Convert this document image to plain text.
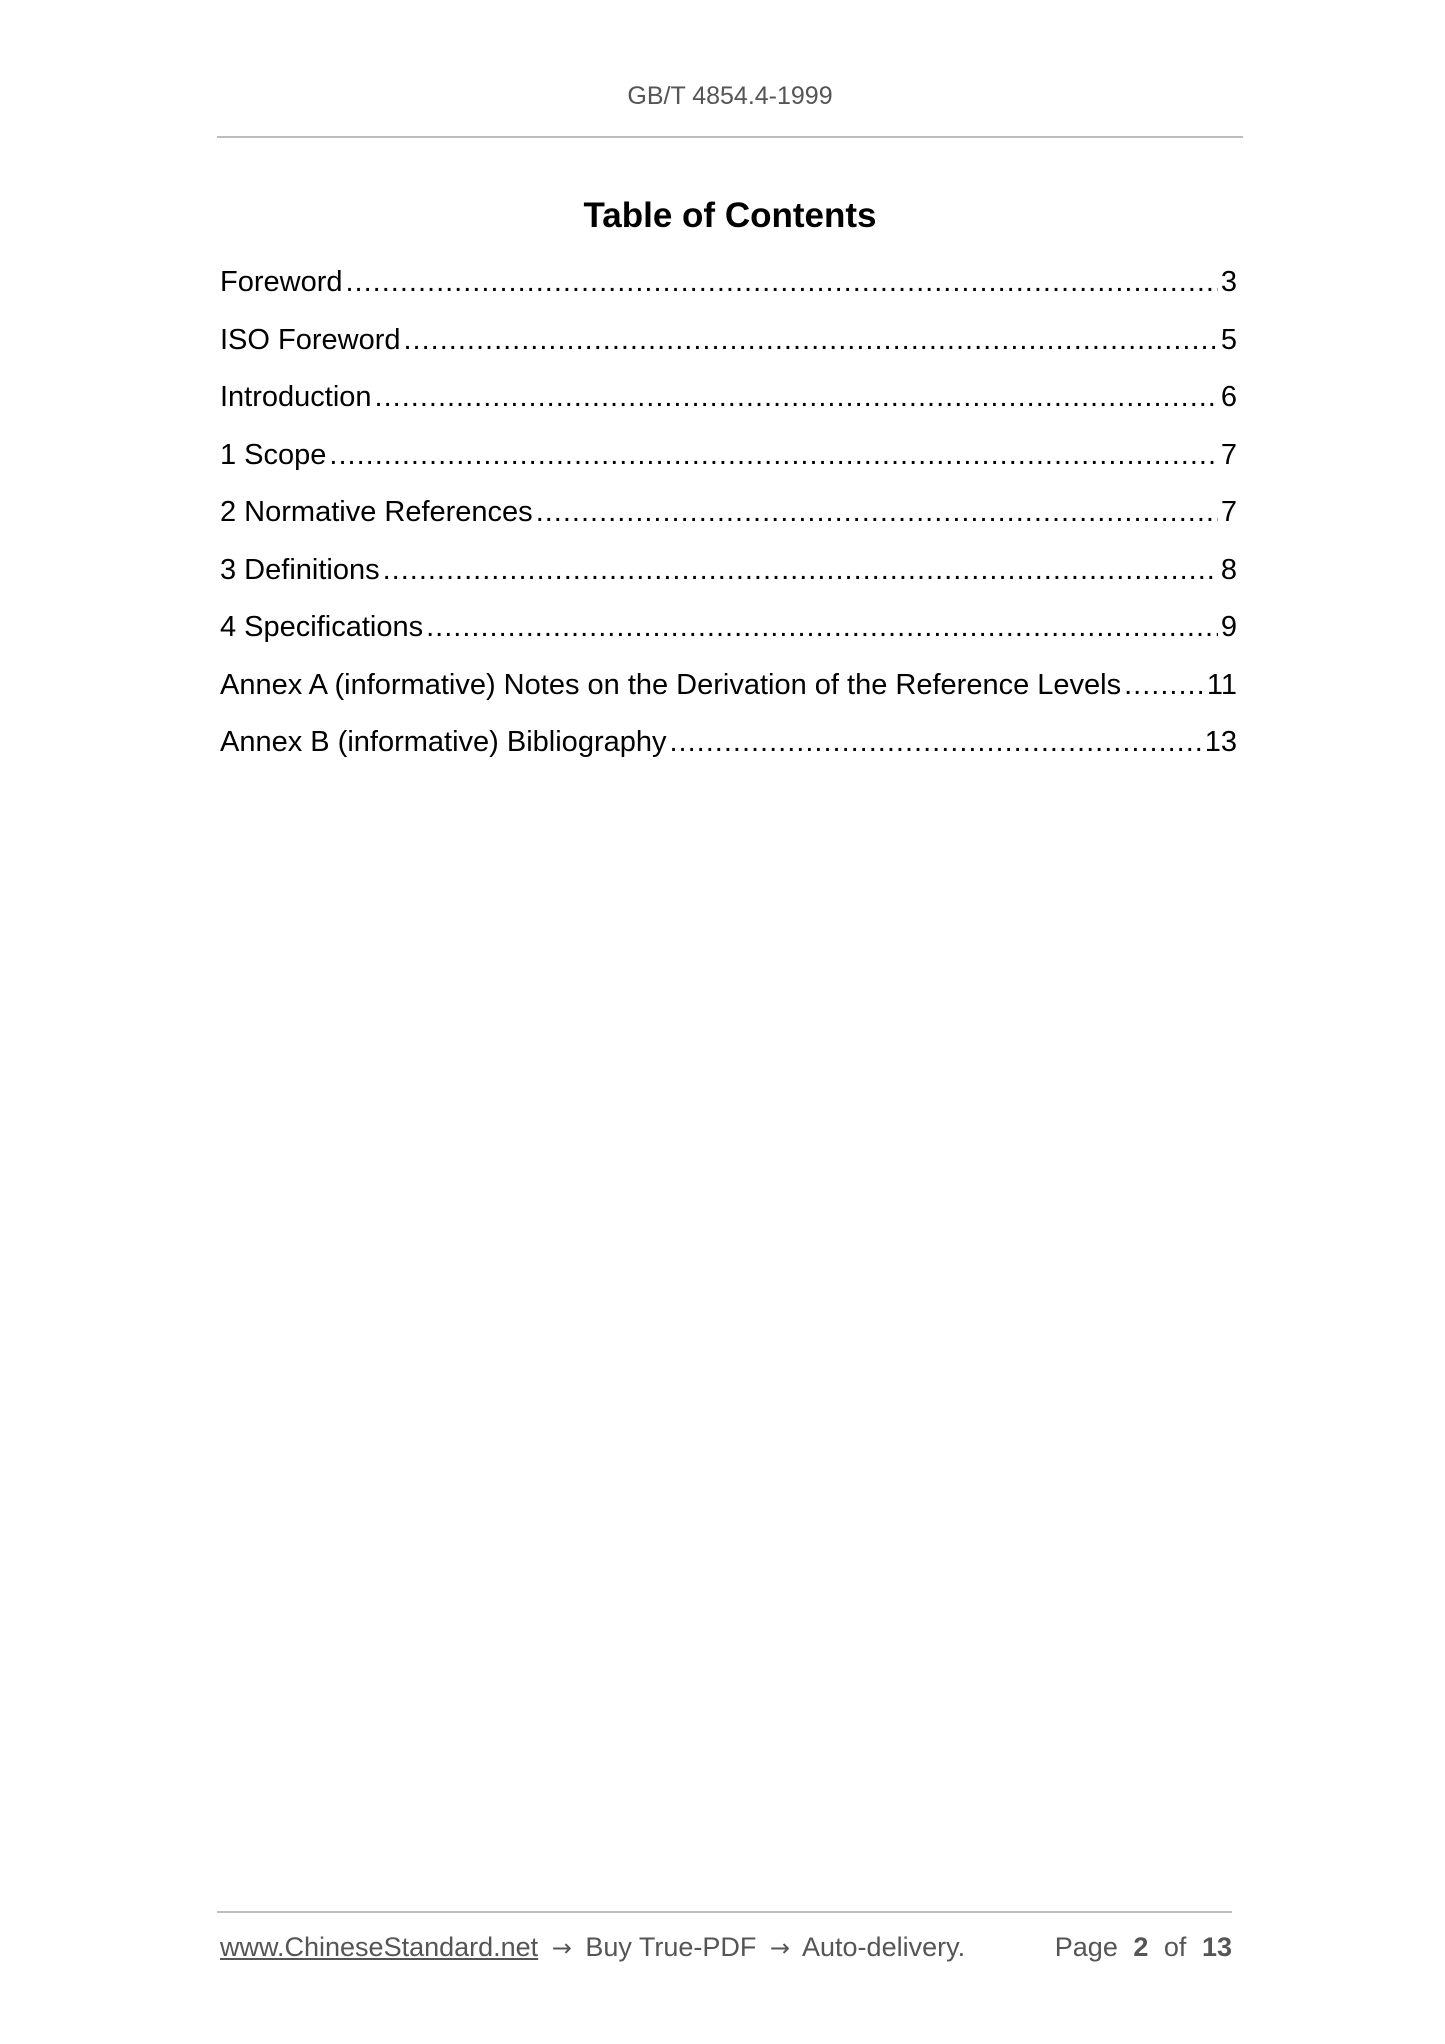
GB/T 4854.4-1999
Table of Contents
Foreword .....	3
ISO Foreword .....	5
Introduction .....	6
1 Scope .....	7
2 Normative References .....	7
3 Definitions .....	8
4 Specifications .....	9
Annex A (informative) Notes on the Derivation of the Reference Levels .....	11
Annex B (informative) Bibliography .....	13
www.ChineseStandard.net → Buy True-PDF → Auto-delivery.	Page 2 of 13
